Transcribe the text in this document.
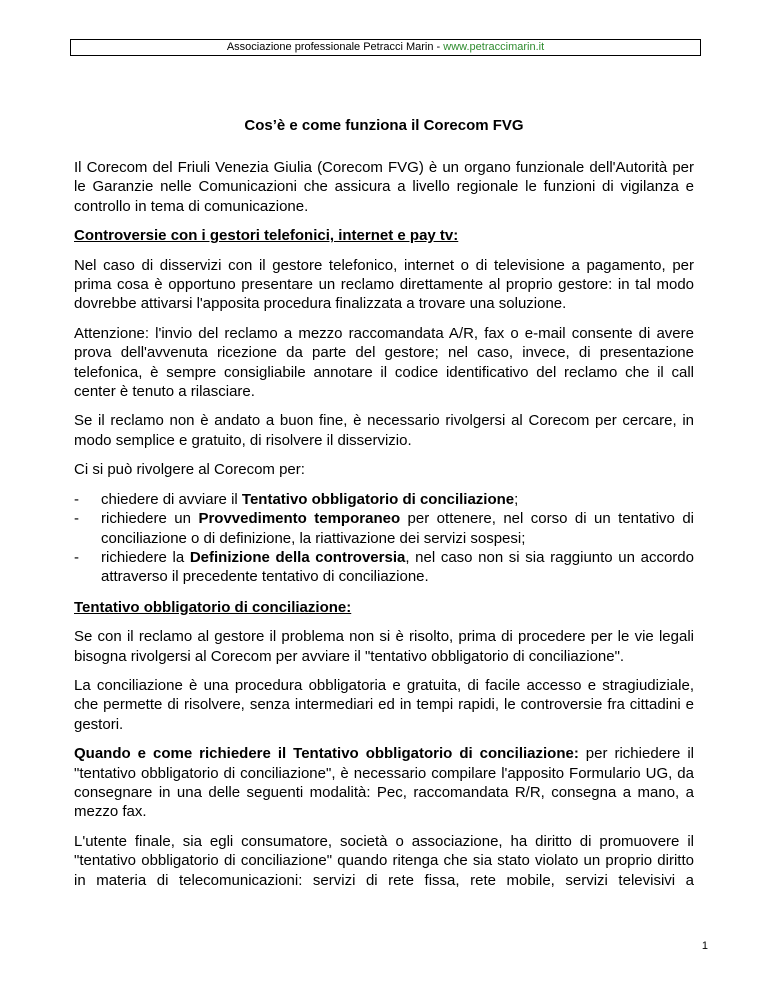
Associazione professionale Petracci Marin - www.petraccimarin.it
Cos’è e come funziona il Corecom FVG

Il Corecom del Friuli Venezia Giulia (Corecom FVG) è un organo funzionale dell'Autorità per le Garanzie nelle Comunicazioni che assicura a livello regionale le funzioni di vigilanza e controllo in tema di comunicazione.

Controversie con i gestori telefonici, internet e pay tv:

Nel caso di disservizi con il gestore telefonico, internet o di televisione a pagamento, per prima cosa è opportuno presentare un reclamo direttamente al proprio gestore: in tal modo dovrebbe attivarsi l'apposita procedura finalizzata a trovare una soluzione.

Attenzione: l'invio del reclamo a mezzo raccomandata A/R, fax o e-mail consente di avere prova dell'avvenuta ricezione da parte del gestore; nel caso, invece, di presentazione telefonica, è sempre consigliabile annotare il codice identificativo del reclamo che il call center è tenuto a rilasciare.

Se il reclamo non è andato a buon fine, è necessario rivolgersi al Corecom per cercare, in modo semplice e gratuito, di risolvere il disservizio.

Ci si può rivolgere al Corecom per:

- chiedere di avviare il Tentativo obbligatorio di conciliazione;
- richiedere un Provvedimento temporaneo per ottenere, nel corso di un tentativo di conciliazione o di definizione, la riattivazione dei servizi sospesi;
- richiedere la Definizione della controversia, nel caso non si sia raggiunto un accordo attraverso il precedente tentativo di conciliazione.
Tentativo obbligatorio di conciliazione:

Se con il reclamo al gestore il problema non si è risolto, prima di procedere per le vie legali bisogna rivolgersi al Corecom per avviare il "tentativo obbligatorio di conciliazione".

La conciliazione è una procedura obbligatoria e gratuita, di facile accesso e stragiudiziale, che permette di risolvere, senza intermediari ed in tempi rapidi, le controversie fra cittadini e gestori.

Quando e come richiedere il Tentativo obbligatorio di conciliazione: per richiedere il "tentativo obbligatorio di conciliazione", è necessario compilare l'apposito Formulario UG, da consegnare in una delle seguenti modalità: Pec, raccomandata R/R, consegna a mano, a mezzo fax.

L'utente finale, sia egli consumatore, società o associazione, ha diritto di promuovere il "tentativo obbligatorio di conciliazione" quando ritenga che sia stato violato un proprio diritto in materia di telecomunicazioni: servizi di rete fissa, rete mobile, servizi televisivi a

1
